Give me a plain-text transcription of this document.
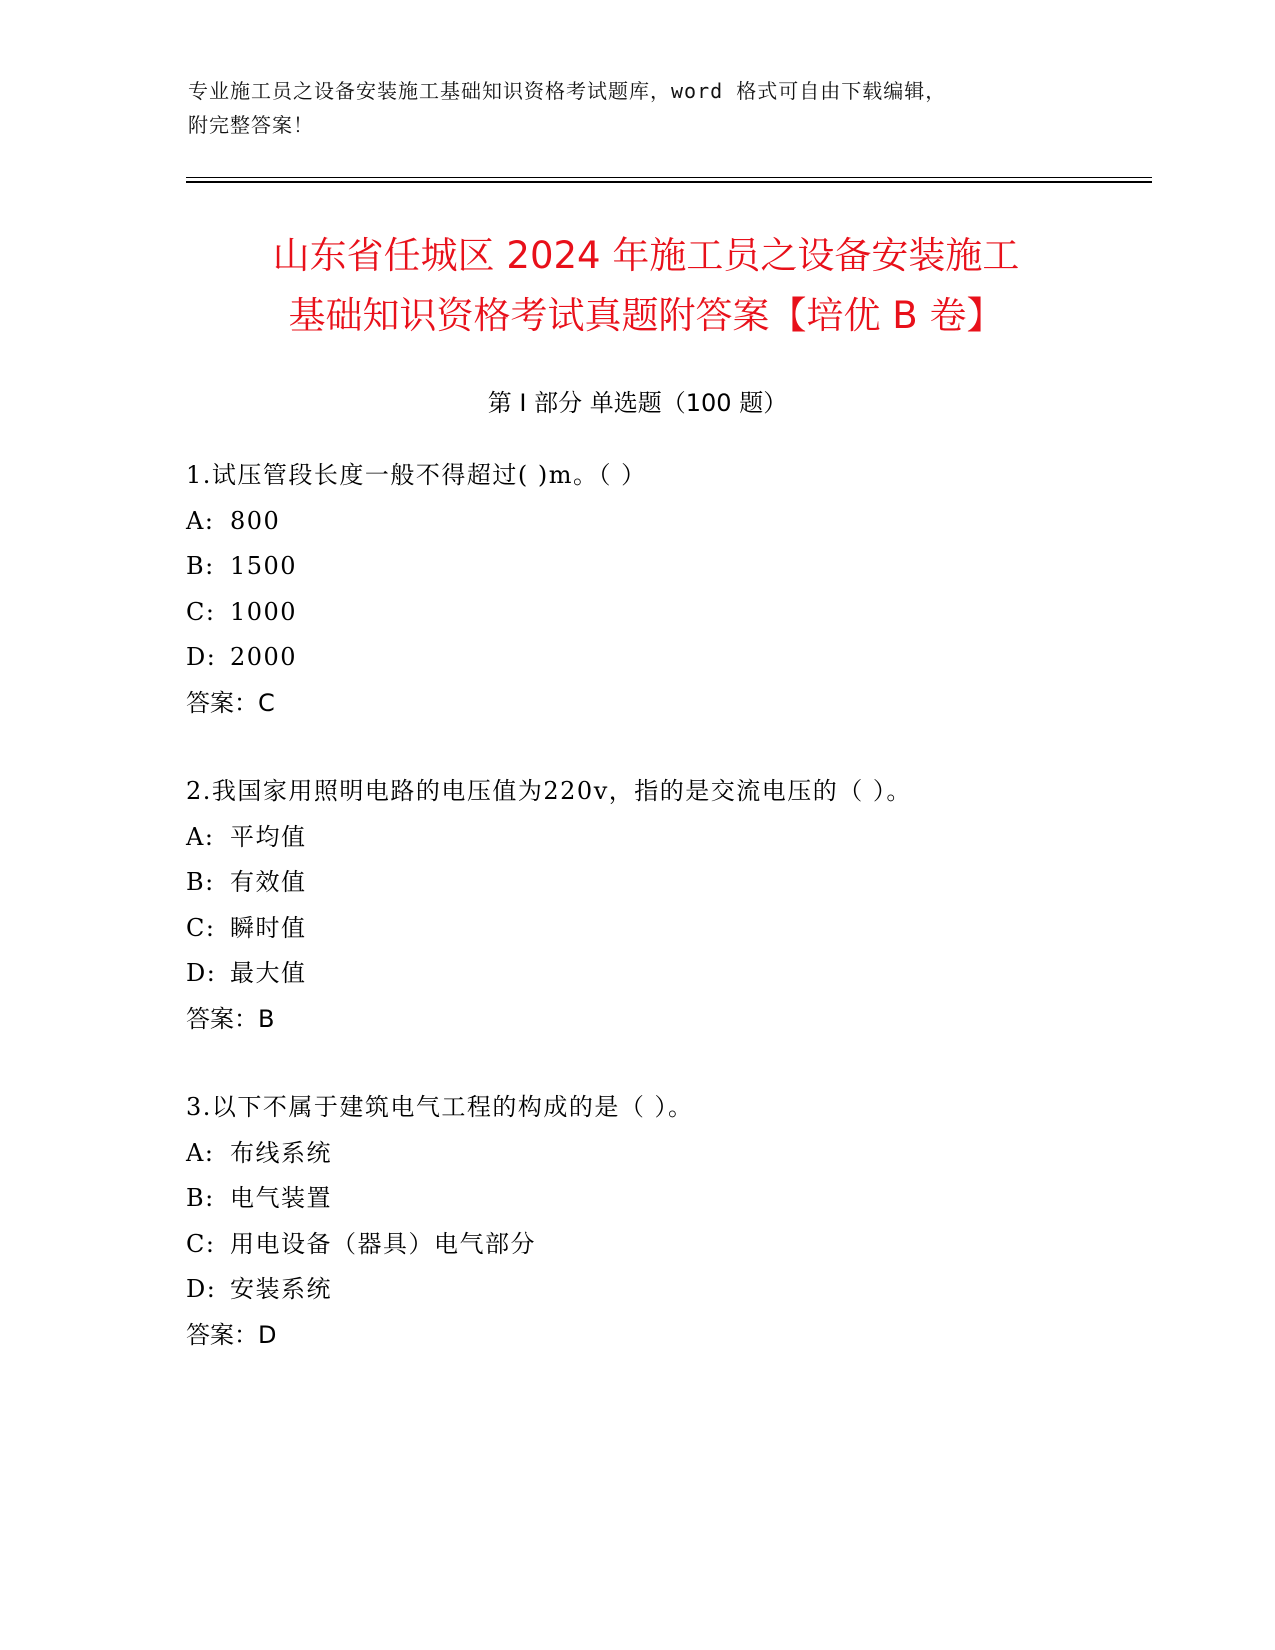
专业施工员之设备安装施工基础知识资格考试题库，word 格式可自由下载编辑，
附完整答案！
山东省任城区 2024 年施工员之设备安装施工
基础知识资格考试真题附答案【培优 B 卷】
第 I 部分 单选题（100 题）
1.试压管段长度一般不得超过( )m。（ ）
A: 800
B: 1500
C: 1000
D: 2000
答案：C
2.我国家用照明电路的电压值为220v，指的是交流电压的（ ）。
A: 平均值
B: 有效值
C: 瞬时值
D: 最大值
答案：B
3.以下不属于建筑电气工程的构成的是（ ）。
A: 布线系统
B: 电气装置
C: 用电设备（器具）电气部分
D: 安装系统
答案：D
